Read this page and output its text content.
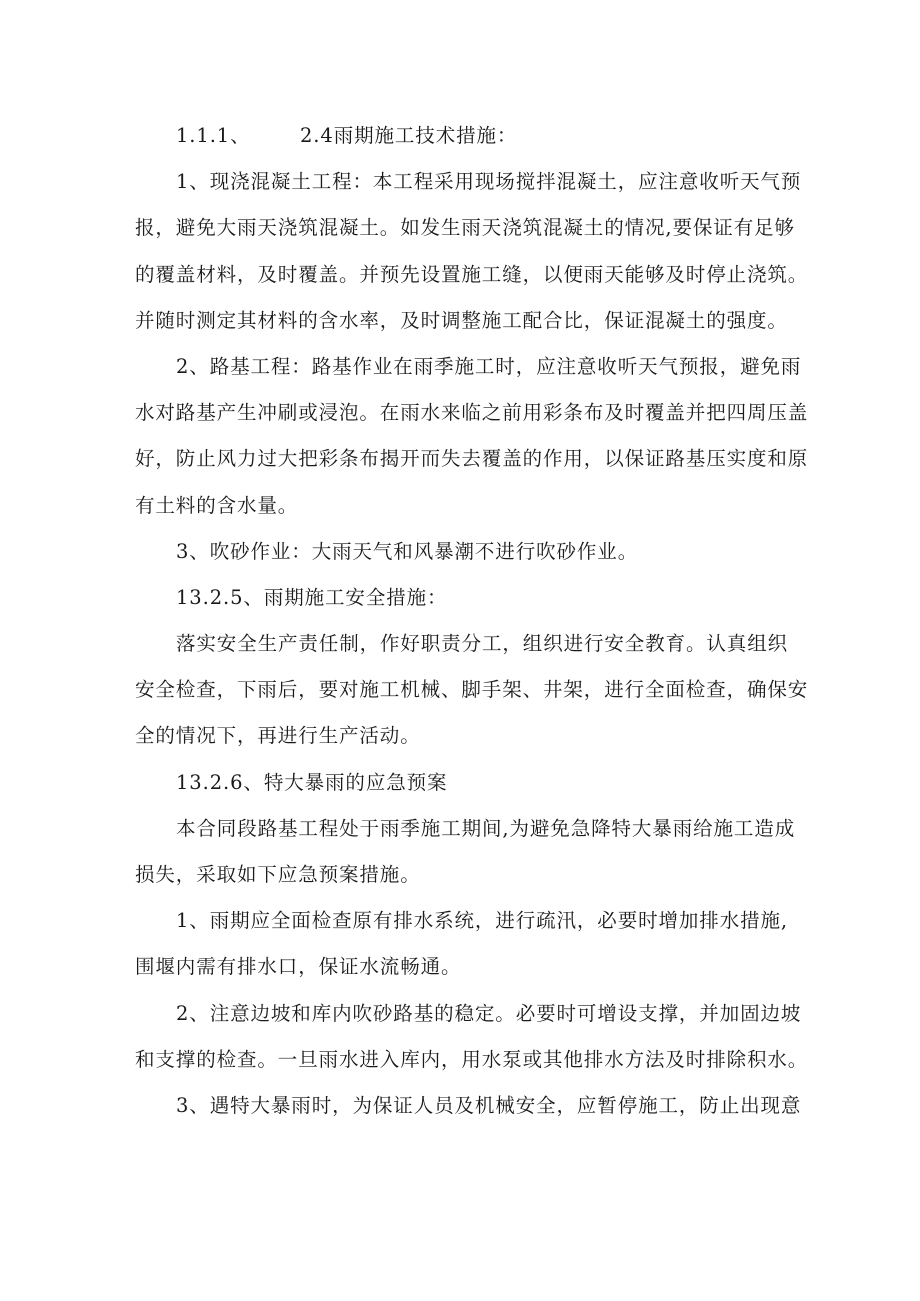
1.1.1、	2.4雨期施工技术措施：
1、现浇混凝土工程：本工程采用现场搅拌混凝土，应注意收听天气预
报，避免大雨天浇筑混凝土。如发生雨天浇筑混凝土的情况,要保证有足够
的覆盖材料，及时覆盖。并预先设置施工缝，以便雨天能够及时停止浇筑。
并随时测定其材料的含水率，及时调整施工配合比，保证混凝土的强度。
2、路基工程：路基作业在雨季施工时，应注意收听天气预报，避免雨
水对路基产生冲刷或浸泡。在雨水来临之前用彩条布及时覆盖并把四周压盖
好，防止风力过大把彩条布揭开而失去覆盖的作用，以保证路基压实度和原
有土料的含水量。
3、吹砂作业：大雨天气和风暴潮不进行吹砂作业。
13.2.5、雨期施工安全措施：
落实安全生产责任制，作好职责分工，组织进行安全教育。认真组织
安全检查，下雨后，要对施工机械、脚手架、井架，进行全面检查，确保安
全的情况下，再进行生产活动。
13.2.6、特大暴雨的应急预案
本合同段路基工程处于雨季施工期间,为避免急降特大暴雨给施工造成
损失，采取如下应急预案措施。
1、雨期应全面检查原有排水系统，进行疏汛，必要时增加排水措施,
围堰内需有排水口，保证水流畅通。
2、注意边坡和库内吹砂路基的稳定。必要时可增设支撑，并加固边坡
和支撑的检查。一旦雨水进入库内，用水泵或其他排水方法及时排除积水。
3、遇特大暴雨时，为保证人员及机械安全，应暂停施工，防止出现意
